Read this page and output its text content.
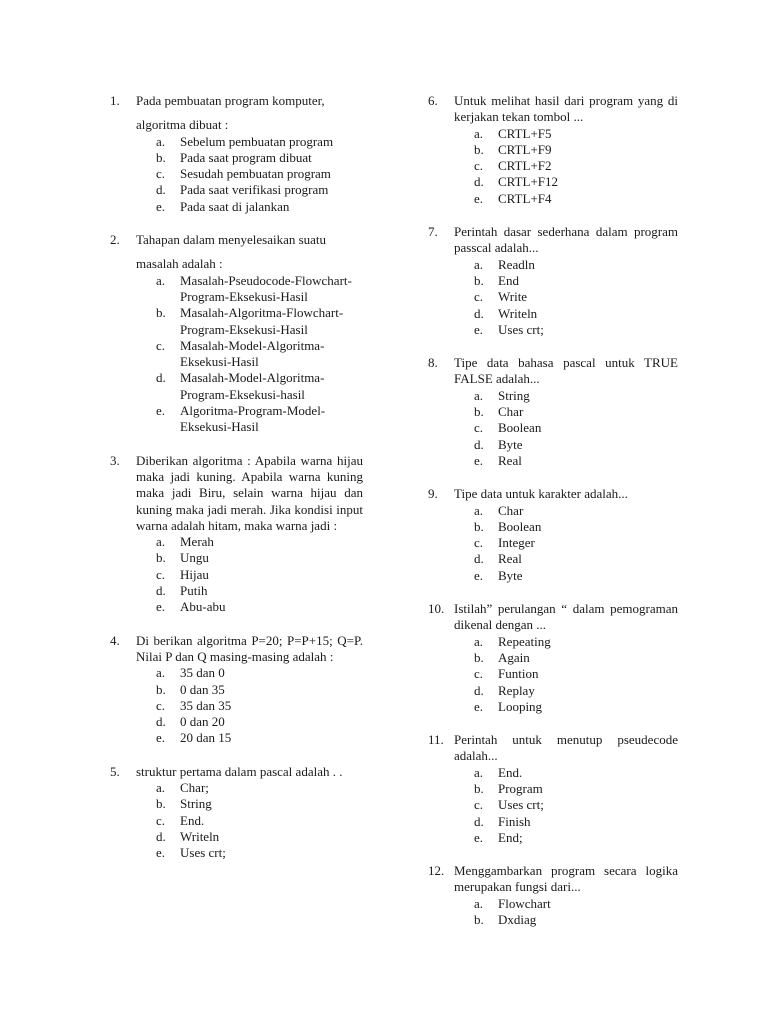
1. Pada pembuatan program komputer,
algoritma dibuat :
a. Sebelum pembuatan program
b. Pada saat program dibuat
c. Sesudah pembuatan program
d. Pada saat verifikasi program
e. Pada saat di jalankan
2. Tahapan dalam menyelesaikan suatu
masalah adalah :
a. Masalah-Pseudocode-Flowchart-Program-Eksekusi-Hasil
b. Masalah-Algoritma-Flowchart-Program-Eksekusi-Hasil
c. Masalah-Model-Algoritma-Eksekusi-Hasil
d. Masalah-Model-Algoritma-Program-Eksekusi-hasil
e. Algoritma-Program-Model-Eksekusi-Hasil
3. Diberikan algoritma : Apabila warna hijau maka jadi kuning. Apabila warna kuning maka jadi Biru, selain warna hijau dan kuning maka jadi merah. Jika kondisi input warna adalah hitam, maka warna jadi :
a. Merah
b. Ungu
c. Hijau
d. Putih
e. Abu-abu
4. Di berikan algoritma P=20; P=P+15; Q=P. Nilai P dan Q masing-masing adalah :
a. 35 dan 0
b. 0 dan 35
c. 35 dan 35
d. 0 dan 20
e. 20 dan 15
5. struktur pertama dalam pascal adalah . .
a. Char;
b. String
c. End.
d. Writeln
e. Uses crt;
6. Untuk melihat hasil dari program yang di kerjakan tekan tombol ...
a. CRTL+F5
b. CRTL+F9
c. CRTL+F2
d. CRTL+F12
e. CRTL+F4
7. Perintah dasar sederhana dalam program passcal adalah...
a. Readln
b. End
c. Write
d. Writeln
e. Uses crt;
8. Tipe data bahasa pascal untuk TRUE FALSE adalah...
a. String
b. Char
c. Boolean
d. Byte
e. Real
9. Tipe data untuk karakter adalah...
a. Char
b. Boolean
c. Integer
d. Real
e. Byte
10. Istilah” perulangan “ dalam pemograman dikenal dengan ...
a. Repeating
b. Again
c. Funtion
d. Replay
e. Looping
11. Perintah untuk menutup pseudecode adalah...
a. End.
b. Program
c. Uses crt;
d. Finish
e. End;
12. Menggambarkan program secara logika merupakan fungsi dari...
a. Flowchart
b. Dxdiag
